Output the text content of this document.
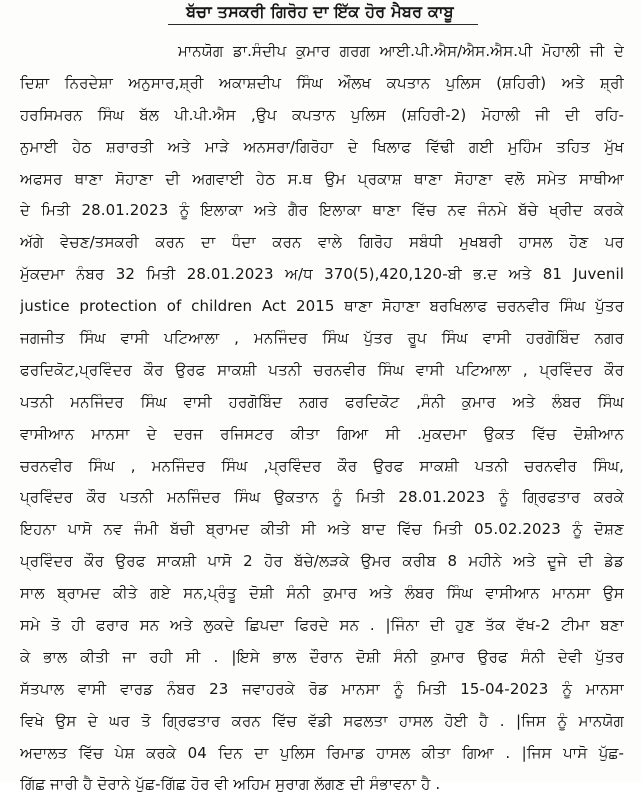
ਬੱਚਾ ਤਸਕਰੀ ਗਿਰੋਹ ਦਾ ਇੱਕ ਹੋਰ ਮੈਬਰ ਕਾਬੂ
ਮਾਨਯੋਗ ਡਾ.ਸੰਦੀਪ ਕੁਮਾਰ ਗਰਗ ਆਈ.ਪੀ.ਐਸ/ਐਸ.ਐਸ.ਪੀ ਮੋਹਾਲੀ ਜੀ ਦੇ
ਦਿਸ਼ਾ ਨਿਰਦੇਸ਼ਾ ਅਨੁਸਾਰ,ਸ਼੍ਰੀ ਅਕਾਸ਼ਦੀਪ ਸਿੰਘ ਔਲਖ ਕਪਤਾਨ ਪੁਲਿਸ (ਸ਼ਹਿਰੀ) ਅਤੇ ਸ਼੍ਰੀ
ਹਰਸਿਮਰਨ ਸਿੰਘ ਬੱਲ ਪੀ.ਪੀ.ਐਸ ,ਉਪ ਕਪਤਾਨ ਪੁਲਿਸ (ਸ਼ਹਿਰੀ-2) ਮੋਹਾਲੀ ਜੀ ਦੀ ਰਹਿ-
ਨੁਮਾਈ ਹੇਠ ਸ਼ਰਾਰਤੀ ਅਤੇ ਮਾੜੇ ਅਨਸਰਾ/ਗਿਰੋਹਾ ਦੇ ਖਿਲਾਫ ਵਿੱਢੀ ਗਈ ਮੁਹਿੰਮ ਤਹਿਤ ਮੁੱਖ
ਅਫਸਰ ਥਾਣਾ ਸੋਹਾਣਾ ਦੀ ਅਗਵਾਈ ਹੇਠ ਸ.ਥ ਉਮ ਪ੍ਰਕਾਸ਼ ਥਾਣਾ ਸੋਹਾਣਾ ਵਲੋ ਸਮੇਤ ਸਾਥੀਆ
ਦੇ ਮਿਤੀ 28.01.2023 ਨੂੰ ਇਲਾਕਾ ਅਤੇ ਗੈਰ ਇਲਾਕਾ ਥਾਣਾ ਵਿੱਚ ਨਵ ਜੰਨਮੇ ਬੱਚੇ ਖ੍ਰੀਦ ਕਰਕੇ
ਅੱਗੇ ਵੇਚਣ/ਤਸਕਰੀ ਕਰਨ ਦਾ ਧੰਦਾ ਕਰਨ ਵਾਲੇ ਗਿਰੋਹ ਸਬੰਧੀ ਮੁਖਬਰੀ ਹਾਸਲ ਹੋਣ ਪਰ
ਮੁੱਕਦਮਾ ਨੰਬਰ 32 ਮਿਤੀ 28.01.2023 ਅ/ਧ 370(5),420,120-ਬੀ ਭ.ਦ ਅਤੇ 81 Juvenil
justice protection of children Act 2015 ਥਾਣਾ ਸੋਹਾਣਾ ਬਰਖਿਲਾਫ ਚਰਨਵੀਰ ਸਿੰਘ ਪੁੱਤਰ
ਜਗਜੀਤ ਸਿੰਘ ਵਾਸੀ ਪਟਿਆਲਾ , ਮਨਜਿੰਦਰ ਸਿੰਘ ਪੁੱਤਰ ਰੂਪ ਸਿੰਘ ਵਾਸੀ ਹਰਗੋਬਿੰਦ ਨਗਰ
ਫਰਦਿਕੋਟ,ਪ੍ਰਵਿੰਦਰ ਕੌਰ ਉਰਫ ਸਾਕਸ਼ੀ ਪਤਨੀ ਚਰਨਵੀਰ ਸਿੰਘ ਵਾਸੀ ਪਟਿਆਲਾ , ਪ੍ਰਵਿੰਦਰ ਕੌਰ
ਪਤਨੀ ਮਨਜਿੰਦਰ ਸਿੰਘ ਵਾਸੀ ਹਰਗੋਬਿੰਦ ਨਗਰ ਫਰਦਿਕੋਟ ,ਸੰਨੀ ਕੁਮਾਰ ਅਤੇ ਲੰਬਰ ਸਿੰਘ
ਵਾਸੀਆਨ ਮਾਨਸਾ ਦੇ ਦਰਜ ਰਜਿਸਟਰ ਕੀਤਾ ਗਿਆ ਸੀ .ਮੁਕਦਮਾ ਉਕਤ ਵਿੱਚ ਦੋਸ਼ੀਆਨ
ਚਰਨਵੀਰ ਸਿੰਘ , ਮਨਜਿੰਦਰ ਸਿੰਘ ,ਪ੍ਰਵਿੰਦਰ ਕੌਰ ਉਰਫ ਸਾਕਸ਼ੀ ਪਤਨੀ ਚਰਨਵੀਰ ਸਿੰਘ,
ਪ੍ਰਵਿੰਦਰ ਕੌਰ ਪਤਨੀ ਮਨਜਿੰਦਰ ਸਿੰਘ ਉਕਤਾਨ ਨੂੰ ਮਿਤੀ 28.01.2023 ਨੂੰ ਗ੍ਰਿਫਤਾਰ ਕਰਕੇ
ਇਹਨਾ ਪਾਸੋ ਨਵ ਜੰਮੀ ਬੱਚੀ ਬ੍ਰਾਮਦ ਕੀਤੀ ਸੀ ਅਤੇ ਬਾਦ ਵਿੱਚ ਮਿਤੀ 05.02.2023 ਨੂੰ ਦੋਸ਼ਣ
ਪ੍ਰਵਿੰਦਰ ਕੌਰ ਉਰਫ ਸਾਕਸ਼ੀ ਪਾਸੋ 2 ਹੋਰ ਬੱਚੇ/ਲੜਕੇ ਉਮਰ ਕਰੀਬ 8 ਮਹੀਨੇ ਅਤੇ ਦੂਜੇ ਦੀ ਡੇਡ
ਸਾਲ ਬ੍ਰਾਮਦ ਕੀਤੇ ਗਏ ਸਨ,ਪ੍ਰੰਤੂ ਦੋਸ਼ੀ ਸੰਨੀ ਕੁਮਾਰ ਅਤੇ ਲੰਬਰ ਸਿੰਘ ਵਾਸੀਆਨ ਮਾਨਸਾ ਉਸ
ਸਮੇ ਤੋ ਹੀ ਫਰਾਰ ਸਨ ਅਤੇ ਲੁਕਦੇ ਛਿਪਦਾ ਫਿਰਦੇ ਸਨ . |ਜਿੰਨਾ ਦੀ ਹੁਣ ਤੱਕ ਵੱਖ-2 ਟੀਮਾ ਬਣਾ
ਕੇ ਭਾਲ ਕੀਤੀ ਜਾ ਰਹੀ ਸੀ . |ਇਸੇ ਭਾਲ ਦੌਰਾਨ ਦੋਸ਼ੀ ਸੰਨੀ ਕੁਮਾਰ ਉਰਫ ਸੰਨੀ ਦੇਵੀ ਪੁੱਤਰ
ਸੱਤਪਾਲ ਵਾਸੀ ਵਾਰਡ ਨੰਬਰ 23 ਜਵਾਹਰਕੇ ਰੋਡ ਮਾਨਸਾ ਨੂੰ ਮਿਤੀ 15-04-2023 ਨੂੰ ਮਾਨਸਾ
ਵਿਖੇ ਉਸ ਦੇ ਘਰ ਤੋ ਗ੍ਰਿਫਤਾਰ ਕਰਨ ਵਿੱਚ ਵੱਡੀ ਸਫਲਤਾ ਹਾਸਲ ਹੋਈ ਹੈ . |ਜਿਸ ਨੂੰ ਮਾਨਯੋਗ
ਅਦਾਲਤ ਵਿੱਚ ਪੇਸ਼ ਕਰਕੇ 04 ਦਿਨ ਦਾ ਪੁਲਿਸ ਰਿਮਾਡ ਹਾਸਲ ਕੀਤਾ ਗਿਆ . |ਜਿਸ ਪਾਸੋ ਪੁੱਛ-
ਗਿੱਛ ਜਾਰੀ ਹੈ ਦੋਰਾਨੇ ਪੁੱਛ-ਗਿੱਛ ਹੋਰ ਵੀ ਅਹਿਮ ਸੁਰਾਗ ਲੱਗਣ ਦੀ ਸੰਭਾਵਨਾ ਹੈ .
